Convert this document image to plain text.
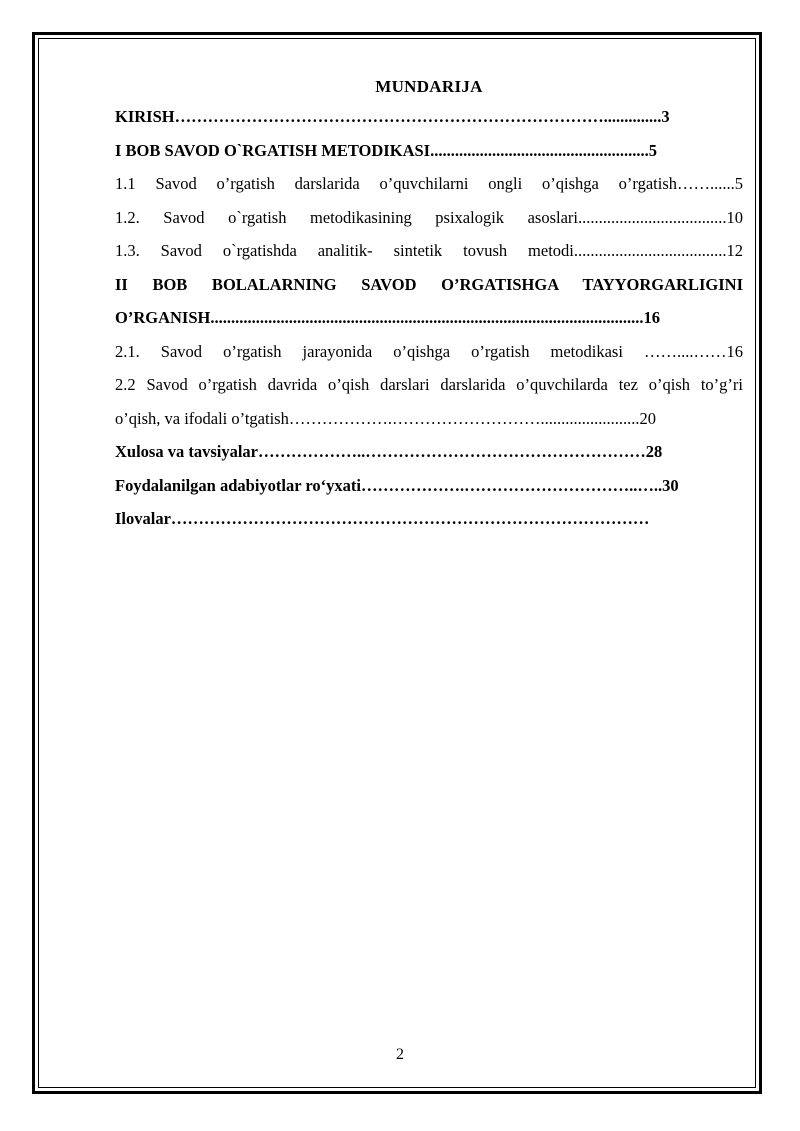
MUNDARIJA
KIRISH……………………………………………………………………..............3
I BOB SAVOD O`RGATISH METODIKASI.....................................................5
1.1 Savod o’rgatish darslarida o’quvchilarni ongli o’qishga o’rgatish……......5
1.2. Savod o`rgatish metodikasining psixalogik asoslari....................................10
1.3. Savod o`rgatishda analitik- sintetik tovush metodi.....................................12
II BOB BOLALARNING SAVOD O’RGATISHGA TAYYORGARLIGINI
O’RGANISH.........................................................................................................16
2.1. Savod o’rgatish jarayonida o’qishga o’rgatish metodikasi ……....……16
2.2 Savod o’rgatish davrida o’qish darslari darslarida o’quvchilarda tez o’qish to’g’ri
o’qish, va ifodali o’tgatish……………….………………………........................20
Xulosa va tavsiyalar………………..……………………………………………28
Foydalanilgan adabiyotlar ro‘yxati……………….…………………………..…..30
Ilovalar……………………………………………………………………………
2
